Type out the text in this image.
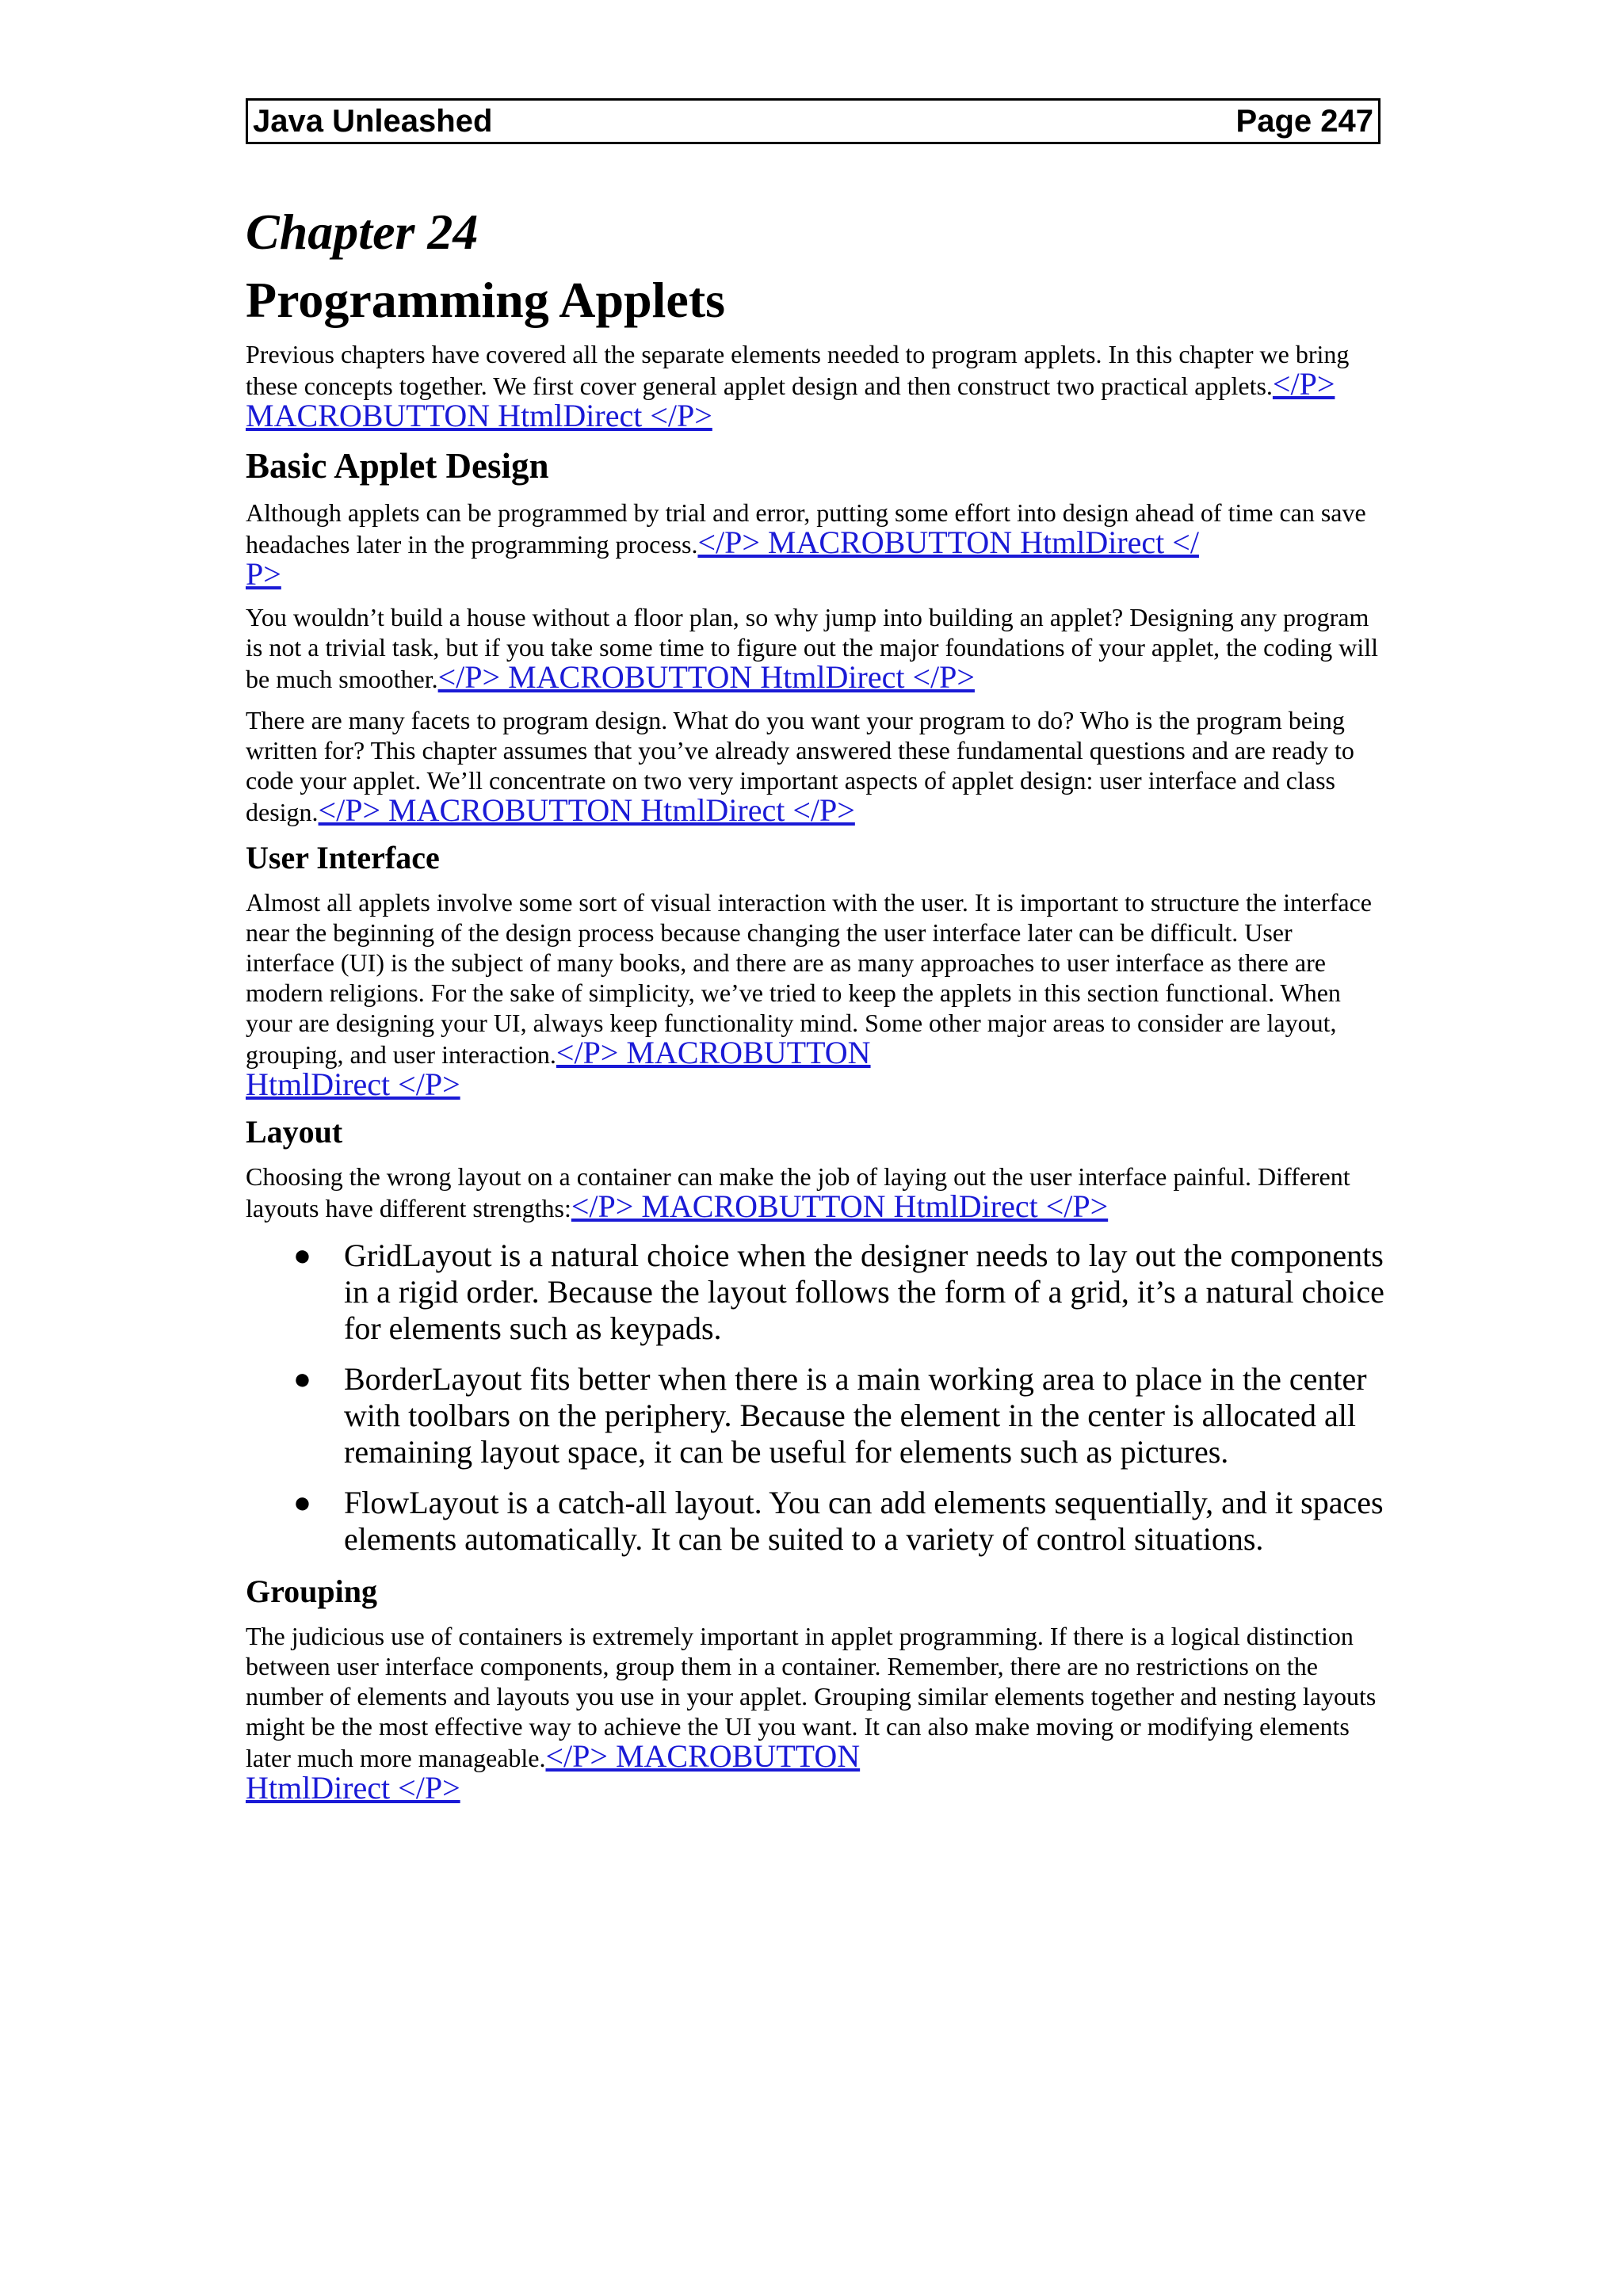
Java Unleashed	Page 247
Chapter 24
Programming Applets

Previous chapters have covered all the separate elements needed to program applets. In this chapter we bring these concepts together. We first cover general applet design and then construct two practical applets.</P> MACROBUTTON HtmlDirect </P>

Basic Applet Design

Although applets can be programmed by trial and error, putting some effort into design ahead of time can save headaches later in the programming process.</P> MACROBUTTON HtmlDirect </
P>

You wouldn’t build a house without a floor plan, so why jump into building an applet? Designing any program is not a trivial task, but if you take some time to figure out the major foundations of your applet, the coding will be much smoother.</P> MACROBUTTON HtmlDirect </P>

There are many facets to program design. What do you want your program to do? Who is the program being written for? This chapter assumes that you’ve already answered these fundamental questions and are ready to code your applet. We’ll concentrate on two very important aspects of applet design: user interface and class design.</P> MACROBUTTON HtmlDirect </P>

User Interface

Almost all applets involve some sort of visual interaction with the user. It is important to structure the interface near the beginning of the design process because changing the user interface later can be difficult. User interface (UI) is the subject of many books, and there are as many approaches to user interface as there are modern religions. For the sake of simplicity, we’ve tried to keep the applets in this section functional. When your are designing your UI, always keep functionality mind. Some other major areas to consider are layout, grouping, and user interaction.</P> MACROBUTTON
HtmlDirect </P>

Layout

Choosing the wrong layout on a container can make the job of laying out the user interface painful. Different layouts have different strengths:</P> MACROBUTTON HtmlDirect </P>

● GridLayout is a natural choice when the designer needs to lay out the components in a rigid order. Because the layout follows the form of a grid, it’s a natural choice for elements such as keypads.
● BorderLayout fits better when there is a main working area to place in the center with toolbars on the periphery. Because the element in the center is allocated all remaining layout space, it can be useful for elements such as pictures.
● FlowLayout is a catch-all layout. You can add elements sequentially, and it spaces elements automatically. It can be suited to a variety of control situations.
Grouping

The judicious use of containers is extremely important in applet programming. If there is a logical distinction between user interface components, group them in a container. Remember, there are no restrictions on the number of elements and layouts you use in your applet. Grouping similar elements together and nesting layouts might be the most effective way to achieve the UI you want. It can also make moving or modifying elements later much more manageable.</P> MACROBUTTON
HtmlDirect </P>
